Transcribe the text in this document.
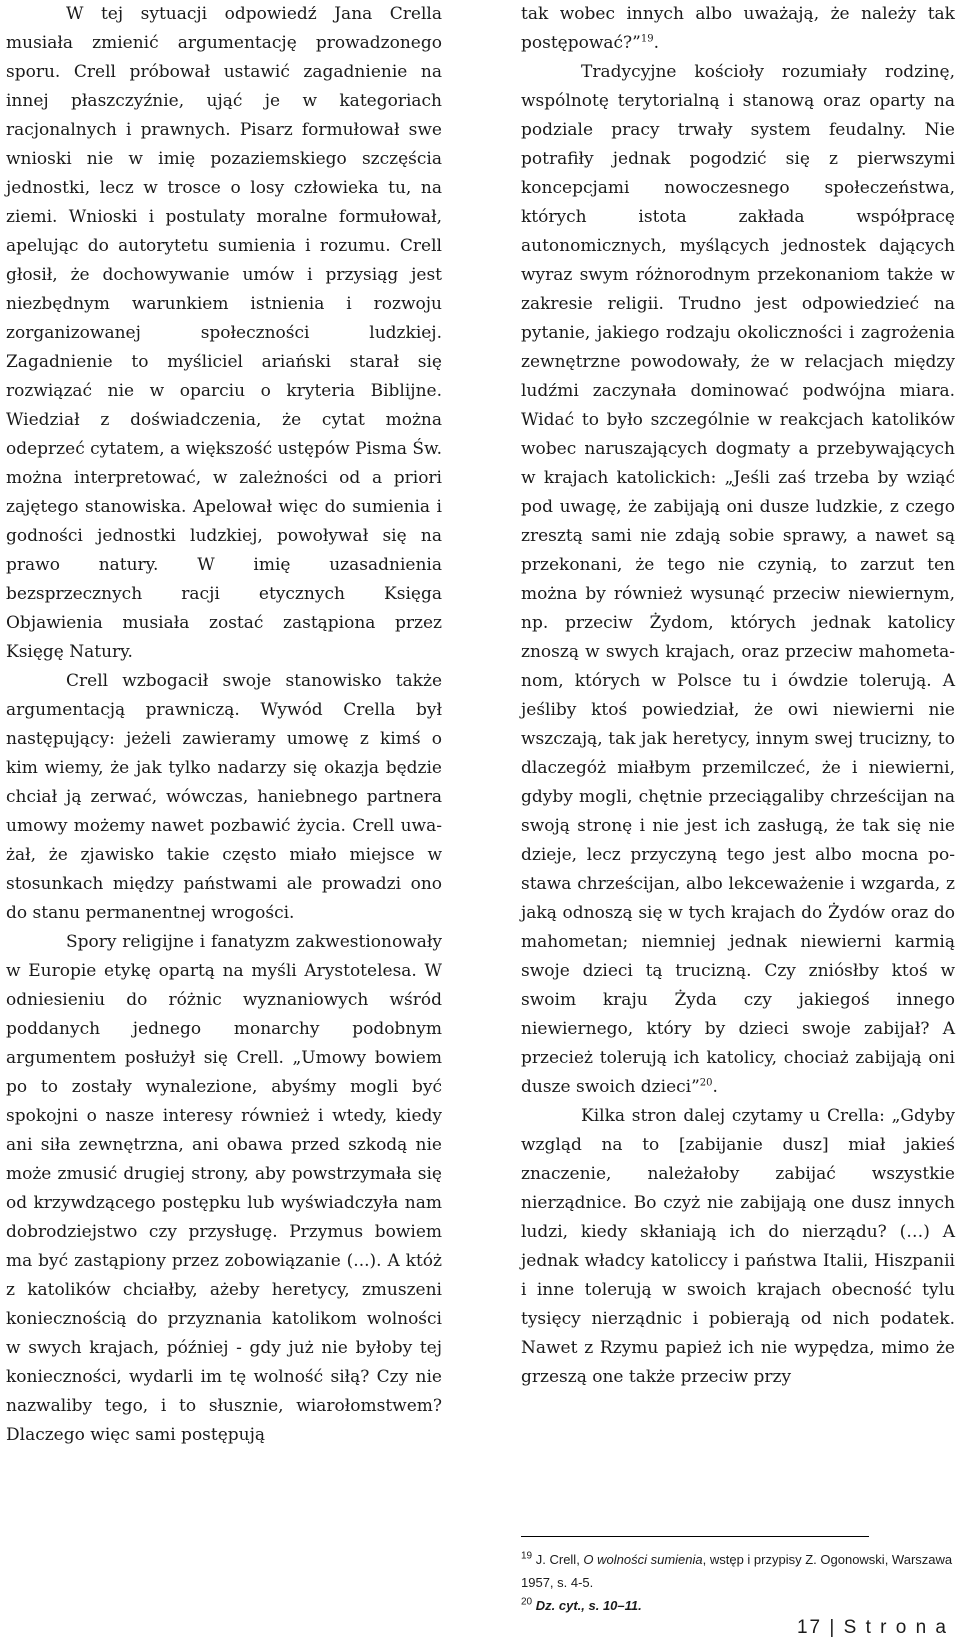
W tej sytuacji odpowiedź Jana Crella musiała zmienić argumentację prowadzonego sporu. Crell próbował ustawić zagadnienie na innej płaszczyźnie, ująć je w kategoriach racjonalnych i prawnych. Pisarz formułował swe wnioski nie w imię pozaziemskiego szczęścia jednostki, lecz w trosce o losy człowieka tu, na ziemi. Wnioski i postulaty moralne formułował, apelując do autorytetu sumienia i rozumu. Crell głosił, że dochowywanie umów i przysiąg jest niezbędnym warunkiem istnienia i rozwoju zorganizowanej społeczności ludzkiej. Zagadnienie to myśliciel ariański starał się rozwiązać nie w oparciu o kryteria Biblijne. Wiedział z doświadczenia, że cytat można odeprzeć cytatem, a większość ustępów Pisma Św. można interpretować, w zależności od a priori zajętego stanowiska. Apelował więc do sumienia i godności jednostki ludzkiej, powoływał się na prawo natury. W imię uzasadnienia bezsprzecznych racji etycznych Księga Objawienia musiała zostać zastąpiona przez Księgę Natury.

Crell wzbogacił swoje stanowisko także argumentacją prawniczą. Wywód Crella był następujący: jeżeli zawieramy umowę z kimś o kim wiemy, że jak tylko nadarzy się okazja będzie chciał ją zerwać, wówczas, haniebnego partnera umowy możemy nawet pozbawić życia. Crell uważał, że zjawisko takie często miało miejsce w stosunkach między państwami ale prowadzi ono do stanu permanentnej wrogości.

Spory religijne i fanatyzm zakwestionowały w Europie etykę opartą na myśli Arystotelesa. W odniesieniu do różnic wyznaniowych wśród poddanych jednego monarchy podobnym argumentem posłużył się Crell. „Umowy bowiem po to zostały wynalezione, abyśmy mogli być spokojni o nasze interesy również i wtedy, kiedy ani siła zewnętrzna, ani obawa przed szkodą nie może zmusić drugiej strony, aby powstrzymała się od krzywdzącego postępku lub wyświadczyła nam dobrodziejstwo czy przysługę. Przymus bowiem ma być zastąpiony przez zobowiązanie (...). A któż z katolików chciałby, ażeby heretycy, zmuszeni koniecznością do przyznania katolikom wolności w swych krajach, później - gdy już nie byłoby tej konieczności, wydarli im tę wolność siłą? Czy nie nazwaliby tego, i to słusznie, wiarołomstwem? Dlaczego więc sami postępują

tak wobec innych albo uważają, że należy tak postępować?”$^{19}$.

Tradycyjne kościoły rozumiały rodzinę, wspólnotę terytorialną i stanową oraz oparty na podziale pracy trwały system feudalny. Nie potrafiły jednak pogodzić się z pierwszymi koncepcjami nowoczesnego społeczeństwa, których istota zakłada współpracę autonomicznych, myślących jednostek dających wyraz swym różnorodnym przekonaniom także w zakresie religii. Trudno jest odpowiedzieć na pytanie, jakiego rodzaju okoliczności i zagrożenia zewnętrzne powodowały, że w relacjach między ludźmi zaczynała dominować podwójna miara. Widać to było szczególnie w reakcjach katolików wobec naruszających dogmaty a przebywających w krajach katolickich: „Jeśli zaś trzeba by wziąć pod uwagę, że zabijają oni dusze ludzkie, z czego zresztą sami nie zdają sobie sprawy, a nawet są przekonani, że tego nie czynią, to zarzut ten można by również wysunąć przeciw niewiernym, np. przeciw Żydom, których jednak katolicy znoszą w swych krajach, oraz przeciw mahometanom, których w Polsce tu i ówdzie tolerują. A jeśliby ktoś powiedział, że owi niewierni nie wszczają, tak jak heretycy, innym swej trucizny, to dlaczegóż miałbym przemilczeć, że i niewierni, gdyby mogli, chętnie przeciągaliby chrześcijan na swoją stronę i nie jest ich zasługą, że tak się nie dzieje, lecz przyczyną tego jest albo mocna postawa chrześcijan, albo lekceważenie i wzgarda, z jaką odnoszą się w tych krajach do Żydów oraz do mahometan; niemniej jednak niewierni karmią swoje dzieci tą trucizną. Czy zniósłby ktoś w swoim kraju Żyda czy jakiegoś innego niewiernego, który by dzieci swoje zabijał? A przecież tolerują ich katolicy, chociaż zabijają oni dusze swoich dzieci”$^{20}$.

Kilka stron dalej czytamy u Crella: „Gdyby wzgląd na to [zabijanie dusz] miał jakieś znaczenie, należałoby zabijać wszystkie nierządnice. Bo czyż nie zabijają one dusz innych ludzi, kiedy skłaniają ich do nierządu? (…) A jednak władcy katoliccy i państwa Italii, Hiszpanii i inne tolerują w swoich krajach obecność tylu tysięcy nierządnic i pobierają od nich podatek. Nawet z Rzymu papież ich nie wypędza, mimo że grzeszą one także przeciw przy

$^{19}$ J. Crell, O wolności sumienia, wstęp i przypisy Z. Ogonowski, Warszawa 1957, s. 4-5.
$^{20}$ Dz. cyt., s. 10–11.
17 | S t r o n a
